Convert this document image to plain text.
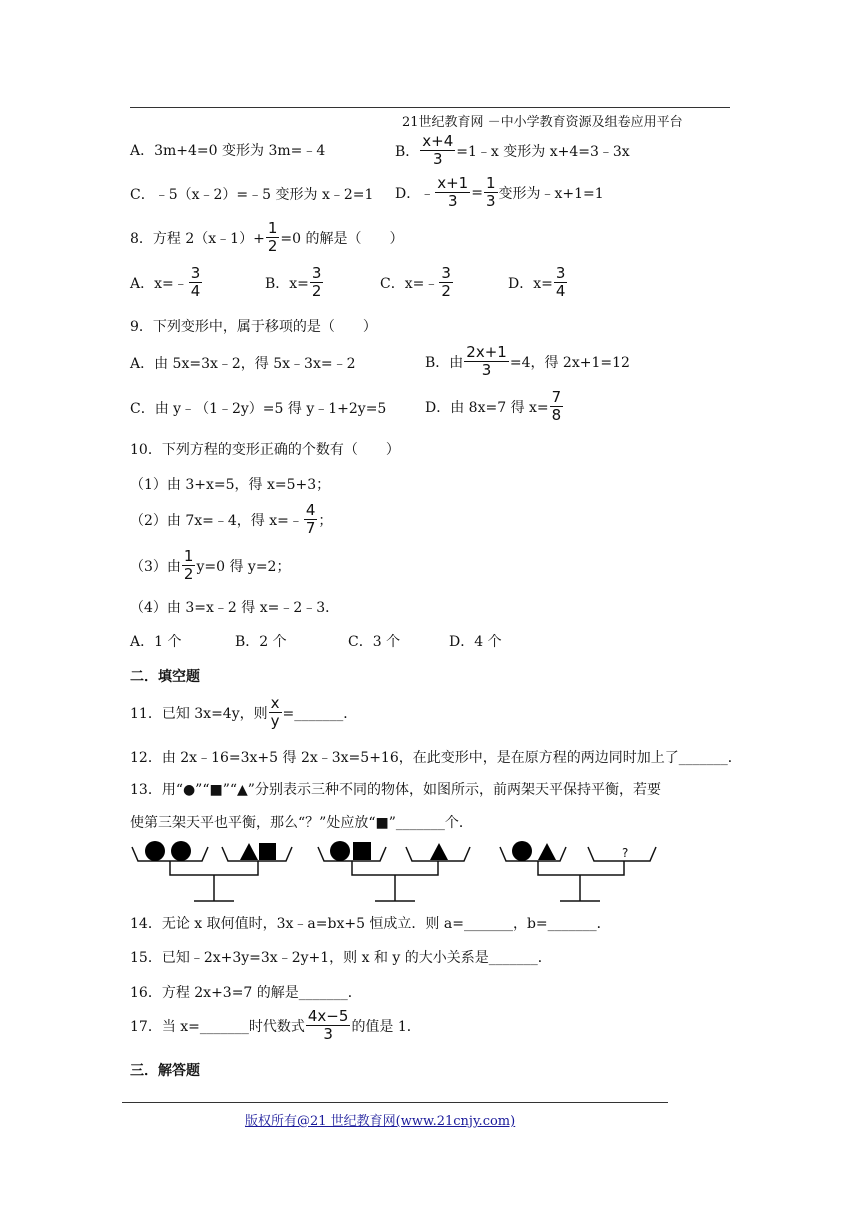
21世纪教育网 －中小学教育资源及组卷应用平台
A．3m+4=0 变形为 3m=﹣4	B． $\frac{x+4}{3}$ =1﹣x 变形为 x+4=3﹣3x
C．﹣5（x﹣2）=﹣5 变形为 x﹣2=1 D．﹣ $\frac{x+1}{3} = \frac{1}{3}$ 变形为﹣x+1=1
8．方程 2（x﹣1）+ $\frac{1}{2} =0$ 的解是（　　）
A．x=﹣ $\frac{3}{4}$	B．$x= \frac{3}{2}$	C．x=﹣ $\frac{3}{2}$	D．$x= \frac{3}{4}$
9．下列变形中，属于移项的是（　　）
A．由 5x=3x﹣2，得 5x﹣3x=﹣2	B．由 $\frac{2x+1}{3} =4$，得 2x+1=12
C．由 y﹣（1﹣2y）=5 得 y﹣1+2y=5	D．由 8x=7 得 $x= \frac{7}{8}$
10．下列方程的变形正确的个数有（　　）
（1）由 3+x=5，得 x=5+3；
（2）由 7x=﹣4，得 x=﹣ $\frac{4}{7}$ ；
（3）由 $\frac{1}{2} y=0$ 得 y=2；
（4）由 3=x﹣2 得 x=﹣2﹣3．
A．1 个	B．2 个	C．3 个	D．4 个
二．填空题
11．已知 3x=4y，则 $\frac{x}{y}$ =_______．
12．由 2x﹣16=3x+5 得 2x﹣3x=5+16，在此变形中，是在原方程的两边同时加上了_______．
13．用“●”“■”“▲”分别表示三种不同的物体，如图所示，前两架天平保持平衡，若要
使第三架天平也平衡，那么“？”处应放“■”_______个．
?
14．无论 x 取何值时，3x﹣a=bx+5 恒成立．则 a=_______，b=_______．
15．已知﹣2x+3y=3x﹣2y+1，则 x 和 y 的大小关系是_______．
16．方程 2x+3=7 的解是_______．
17．当 x=_______时代数式 $\frac{4x-5}{3}$ 的值是 1．
三．解答题
版权所有@21 世纪教育网(www.21cnjy.com)
